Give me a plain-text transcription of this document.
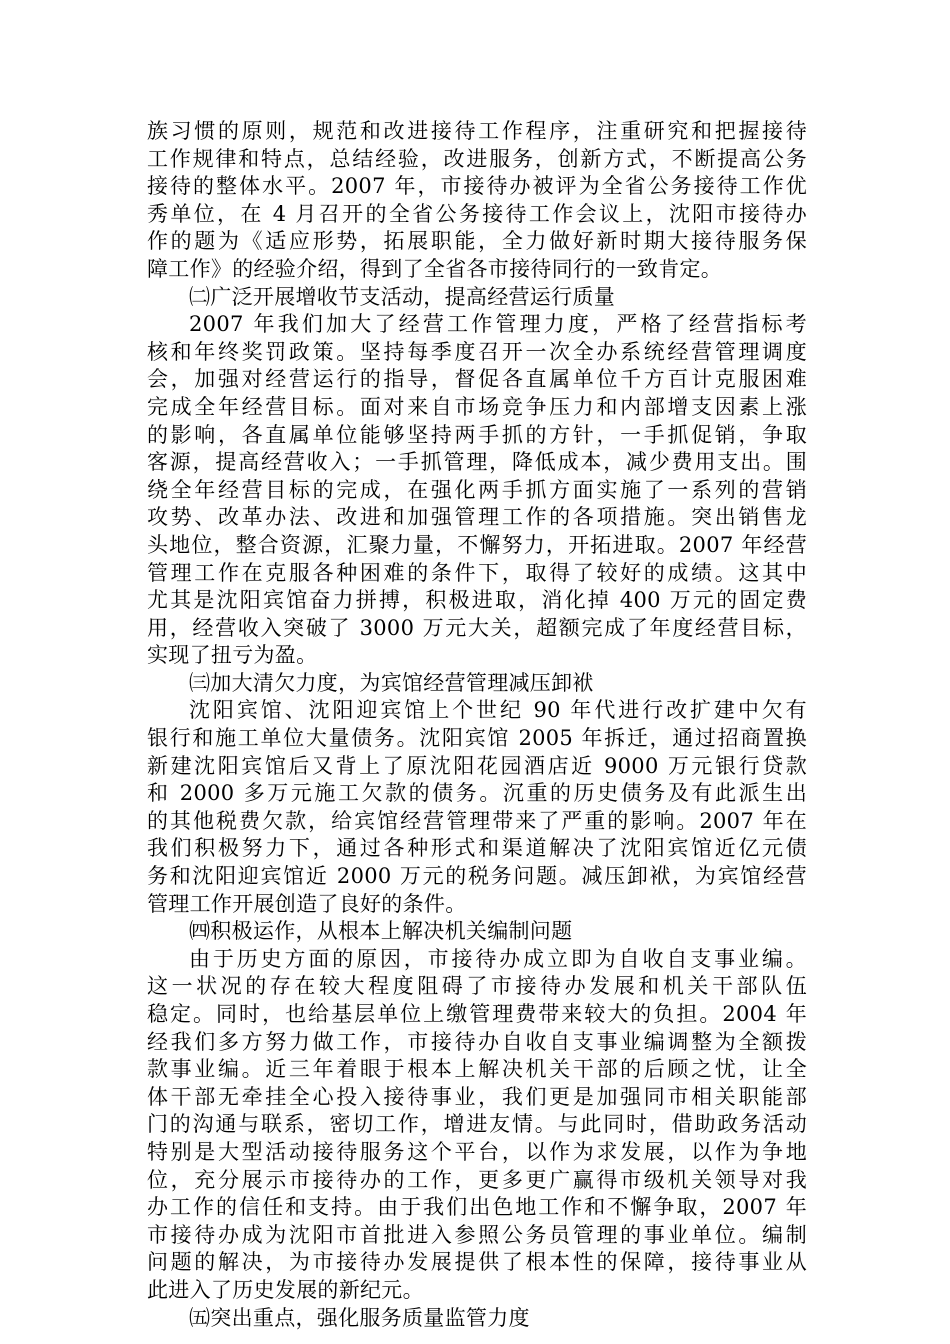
族习惯的原则，规范和改进接待工作程序，注重研究和把握接待
工作规律和特点，总结经验，改进服务，创新方式，不断提高公务
接待的整体水平。2007 年，市接待办被评为全省公务接待工作优
秀单位，在 4 月召开的全省公务接待工作会议上，沈阳市接待办
作的题为《适应形势，拓展职能，全力做好新时期大接待服务保
障工作》的经验介绍，得到了全省各市接待同行的一致肯定。
㈡广泛开展增收节支活动，提高经营运行质量
2007 年我们加大了经营工作管理力度，严格了经营指标考
核和年终奖罚政策。坚持每季度召开一次全办系统经营管理调度
会，加强对经营运行的指导，督促各直属单位千方百计克服困难
完成全年经营目标。面对来自市场竞争压力和内部增支因素上涨
的影响，各直属单位能够坚持两手抓的方针，一手抓促销，争取
客源，提高经营收入；一手抓管理，降低成本，减少费用支出。围
绕全年经营目标的完成，在强化两手抓方面实施了一系列的营销
攻势、改革办法、改进和加强管理工作的各项措施。突出销售龙
头地位，整合资源，汇聚力量，不懈努力，开拓进取。2007 年经营
管理工作在克服各种困难的条件下，取得了较好的成绩。这其中
尤其是沈阳宾馆奋力拼搏，积极进取，消化掉 400 万元的固定费
用，经营收入突破了 3000 万元大关，超额完成了年度经营目标，
实现了扭亏为盈。
㈢加大清欠力度，为宾馆经营管理减压卸袱
沈阳宾馆、沈阳迎宾馆上个世纪 90 年代进行改扩建中欠有
银行和施工单位大量债务。沈阳宾馆 2005 年拆迁，通过招商置换
新建沈阳宾馆后又背上了原沈阳花园酒店近 9000 万元银行贷款
和 2000 多万元施工欠款的债务。沉重的历史债务及有此派生出
的其他税费欠款，给宾馆经营管理带来了严重的影响。2007 年在
我们积极努力下，通过各种形式和渠道解决了沈阳宾馆近亿元债
务和沈阳迎宾馆近 2000 万元的税务问题。减压卸袱，为宾馆经营
管理工作开展创造了良好的条件。
㈣积极运作，从根本上解决机关编制问题
由于历史方面的原因，市接待办成立即为自收自支事业编。
这一状况的存在较大程度阻碍了市接待办发展和机关干部队伍
稳定。同时，也给基层单位上缴管理费带来较大的负担。2004 年
经我们多方努力做工作，市接待办自收自支事业编调整为全额拨
款事业编。近三年着眼于根本上解决机关干部的后顾之忧，让全
体干部无牵挂全心投入接待事业，我们更是加强同市相关职能部
门的沟通与联系，密切工作，增进友情。与此同时，借助政务活动
特别是大型活动接待服务这个平台，以作为求发展，以作为争地
位，充分展示市接待办的工作，更多更广赢得市级机关领导对我
办工作的信任和支持。由于我们出色地工作和不懈争取，2007 年
市接待办成为沈阳市首批进入参照公务员管理的事业单位。编制
问题的解决，为市接待办发展提供了根本性的保障，接待事业从
此进入了历史发展的新纪元。
㈤突出重点，强化服务质量监管力度
